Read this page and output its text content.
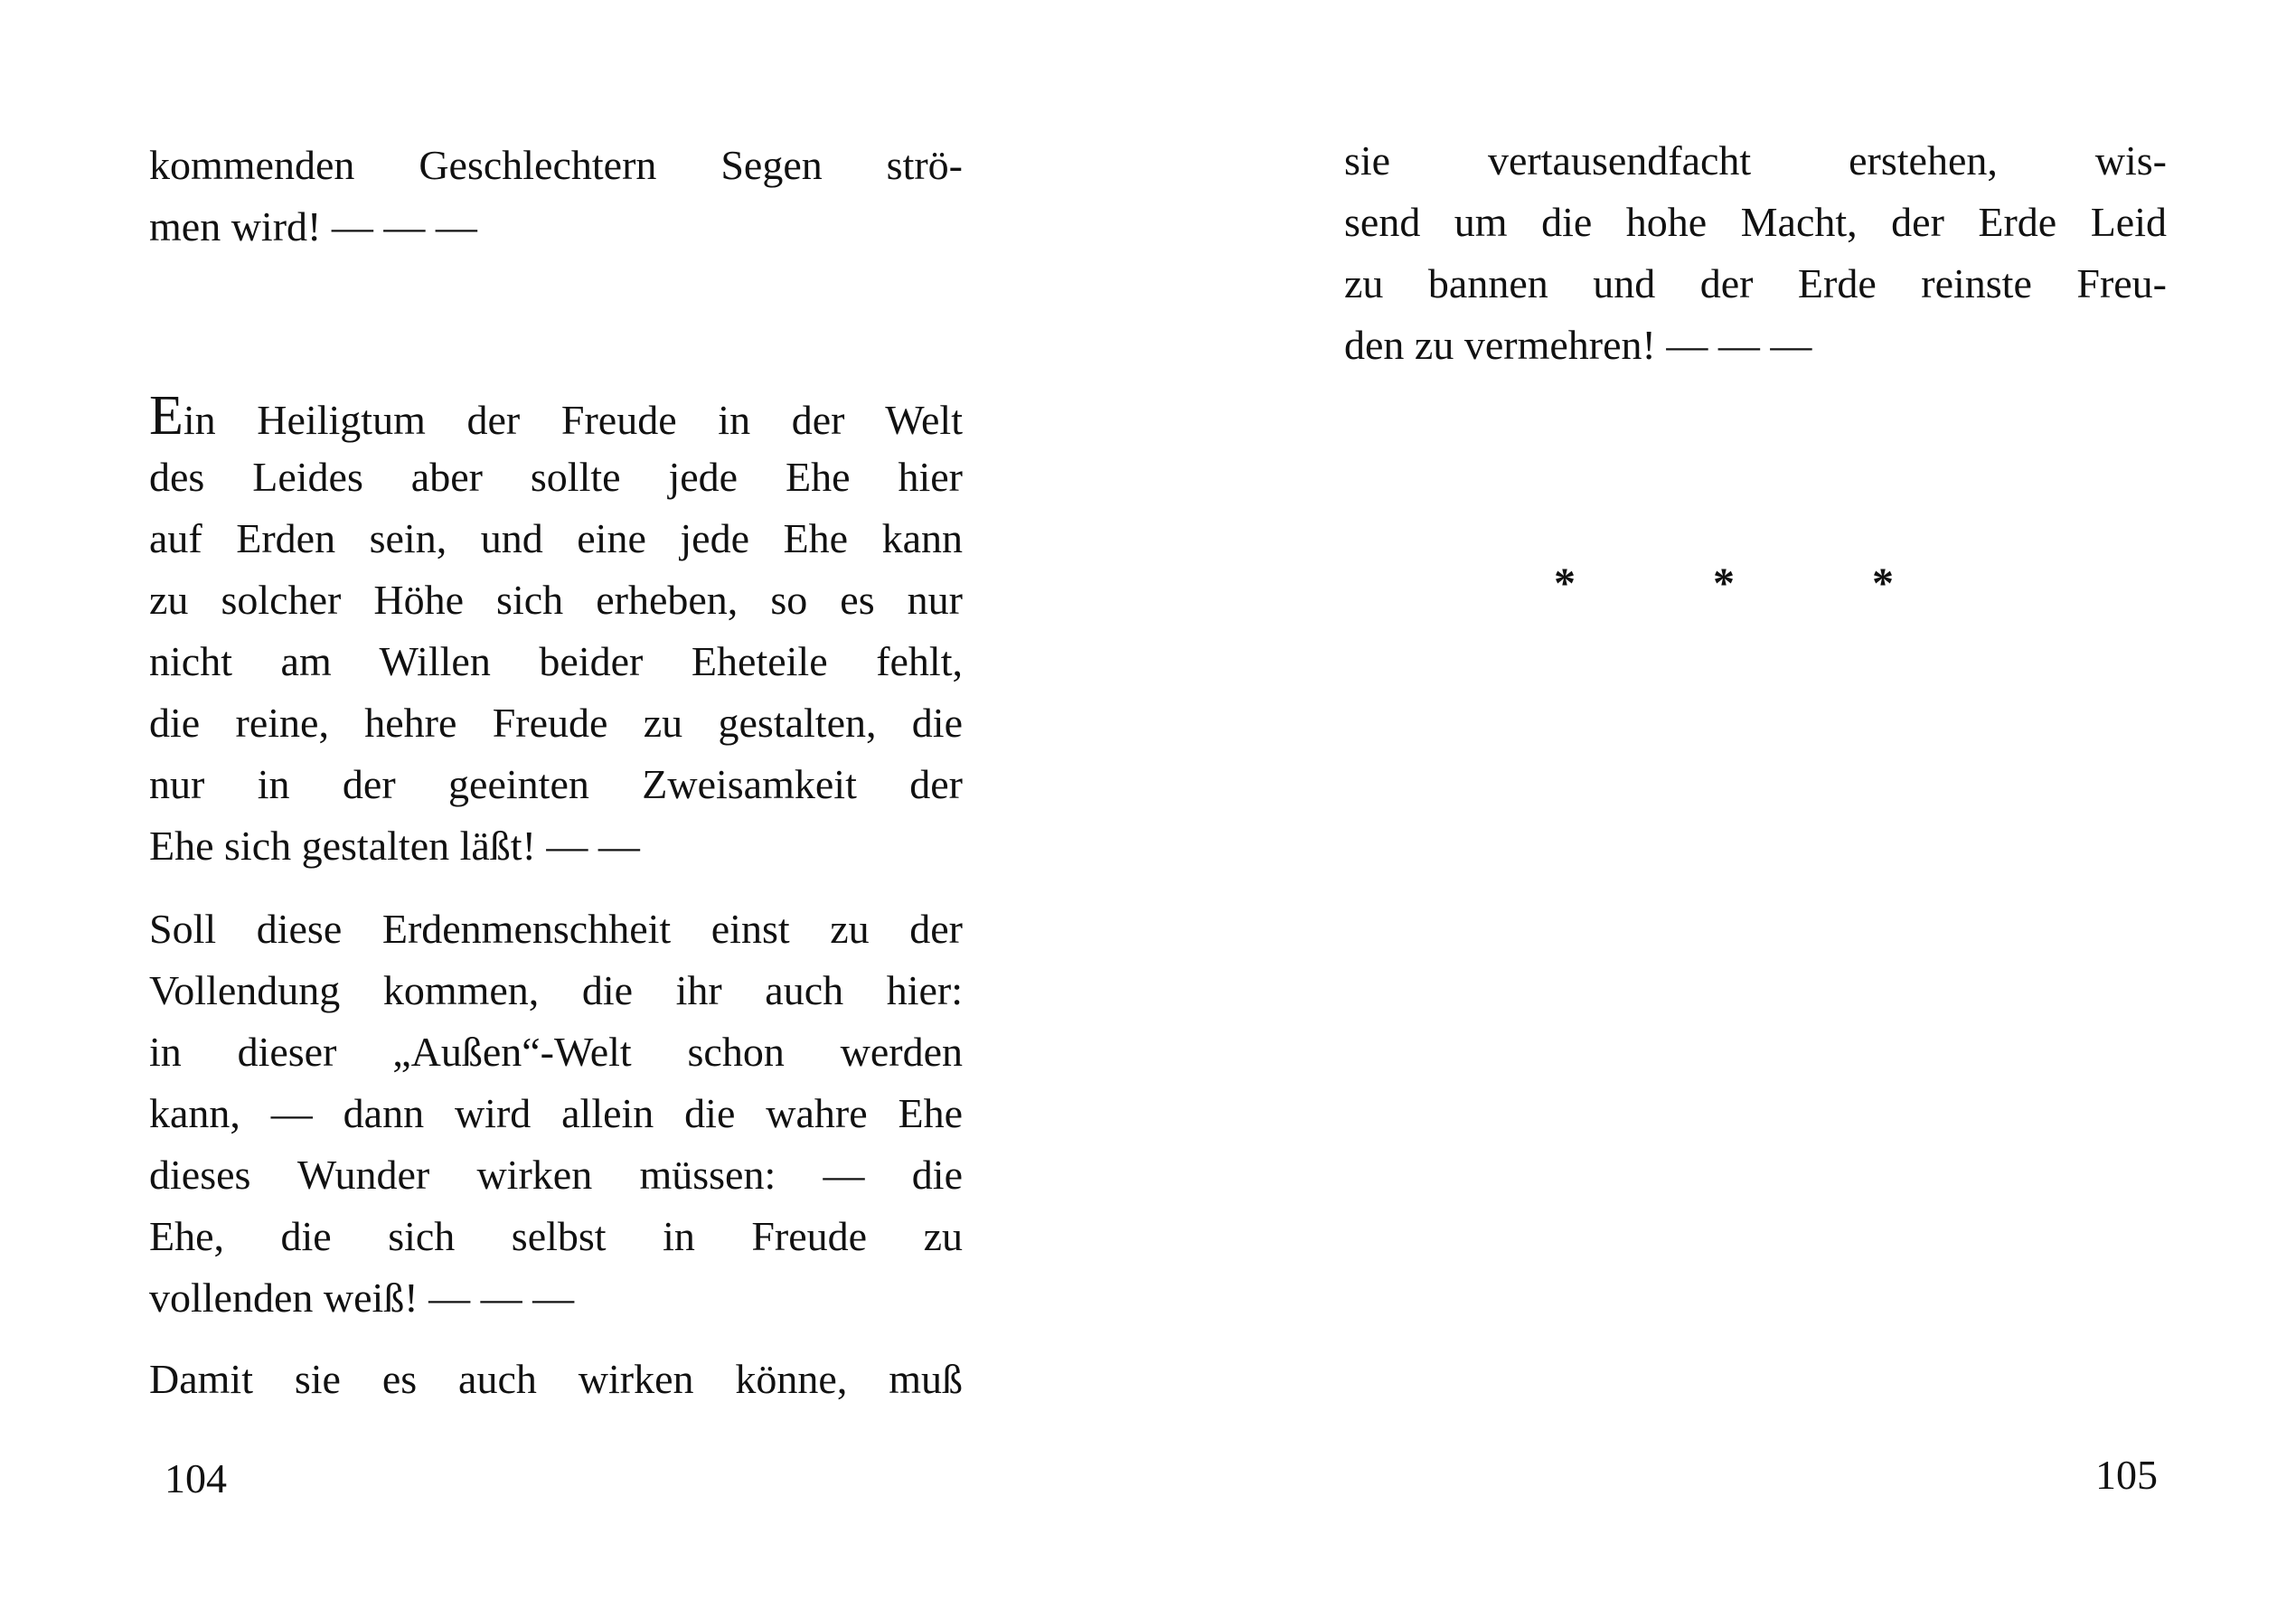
kommenden Geschlechtern Segen strö-
men wird! — — —
Ein Heiligtum der Freude in der Welt
des Leides aber sollte jede Ehe hier
auf Erden sein, und eine jede Ehe kann
zu solcher Höhe sich erheben, so es nur
nicht am Willen beider Eheteile fehlt,
die reine, hehre Freude zu gestalten, die
nur in der geeinten Zweisamkeit der
Ehe sich gestalten läßt! — —
Soll diese Erdenmenschheit einst zu der
Vollendung kommen, die ihr auch hier:
in dieser „Außen“-Welt schon werden
kann, — dann wird allein die wahre Ehe
dieses Wunder wirken müssen: — die
Ehe, die sich selbst in Freude zu
vollenden weiß! — — —
Damit sie es auch wirken könne, muß
104
sie vertausendfacht erstehen, wis-
send um die hohe Macht, der Erde Leid
zu bannen und der Erde reinste Freu-
den zu vermehren! — — —
* * *
105
